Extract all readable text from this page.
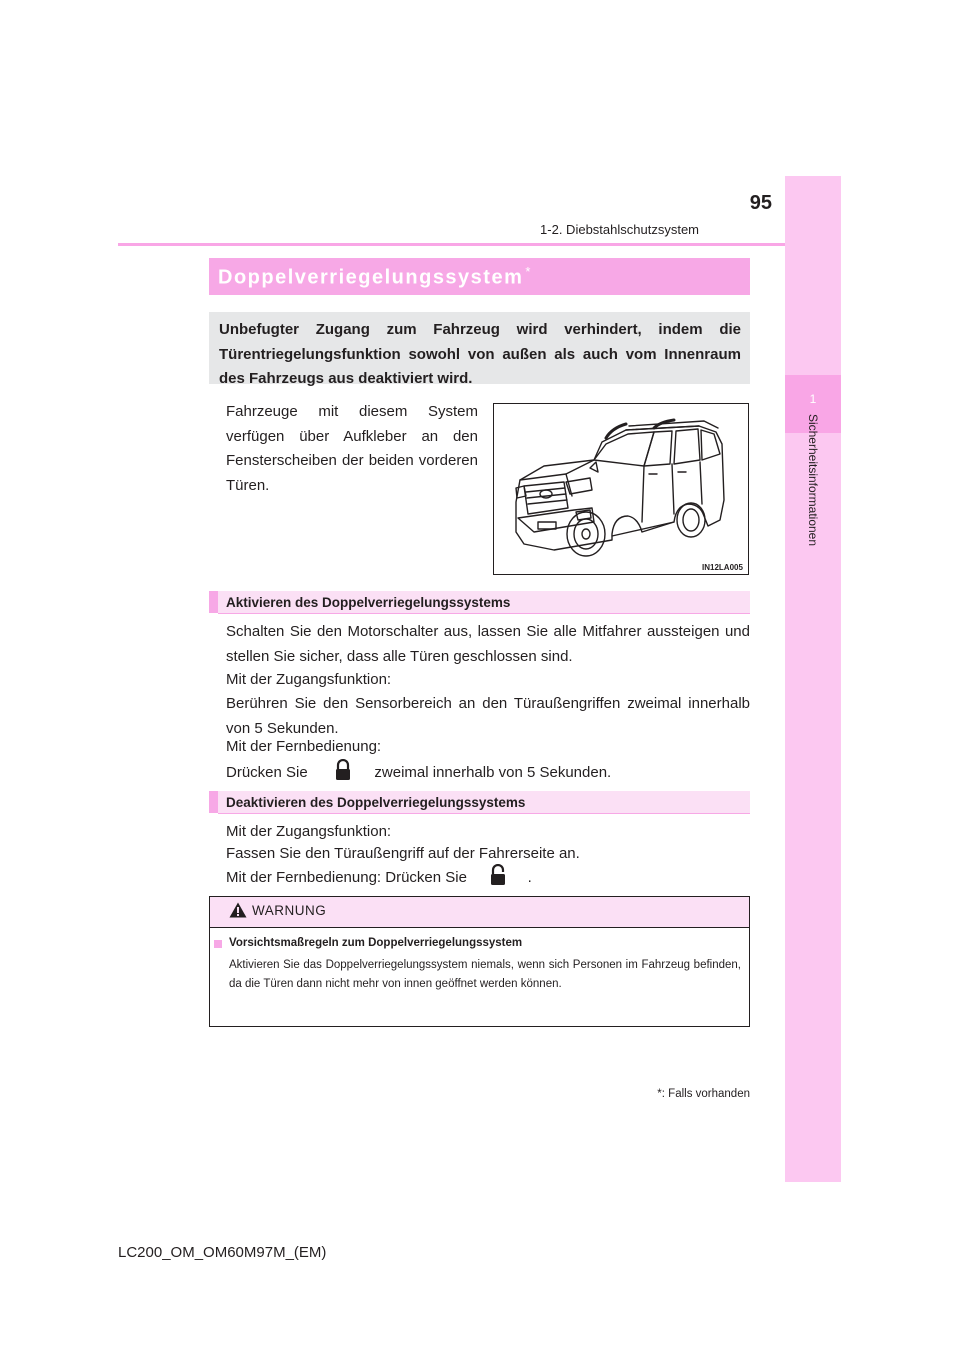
1
Sicherheitsinformationen
95
1-2. Diebstahlschutzsystem
Doppelverriegelungssystem *
Unbefugter Zugang zum Fahrzeug wird verhindert, indem die Türentriegelungsfunktion sowohl von außen als auch vom Innenraum des Fahrzeugs aus deaktiviert wird.
Fahrzeuge mit diesem System verfügen über Aufkleber an den Fensterscheiben der beiden vorderen Türen.
IN12LA005
Aktivieren des Doppelverriegelungssystems
Schalten Sie den Motorschalter aus, lassen Sie alle Mitfahrer aussteigen und stellen Sie sicher, dass alle Türen geschlossen sind.
Mit der Zugangsfunktion:
Berühren Sie den Sensorbereich an den Türaußengriffen zweimal innerhalb von 5 Sekunden.
Mit der Fernbedienung:
Drücken Sie	zweimal innerhalb von 5 Sekunden.
Deaktivieren des Doppelverriegelungssystems
Mit der Zugangsfunktion:
Fassen Sie den Türaußengriff auf der Fahrerseite an.
Mit der Fernbedienung: Drücken Sie	.
WARNUNG
Vorsichtsmaßregeln zum Doppelverriegelungssystem
Aktivieren Sie das Doppelverriegelungssystem niemals, wenn sich Personen im Fahrzeug befinden, da die Türen dann nicht mehr von innen geöffnet werden können.
*: Falls vorhanden
LC200_OM_OM60M97M_(EM)
